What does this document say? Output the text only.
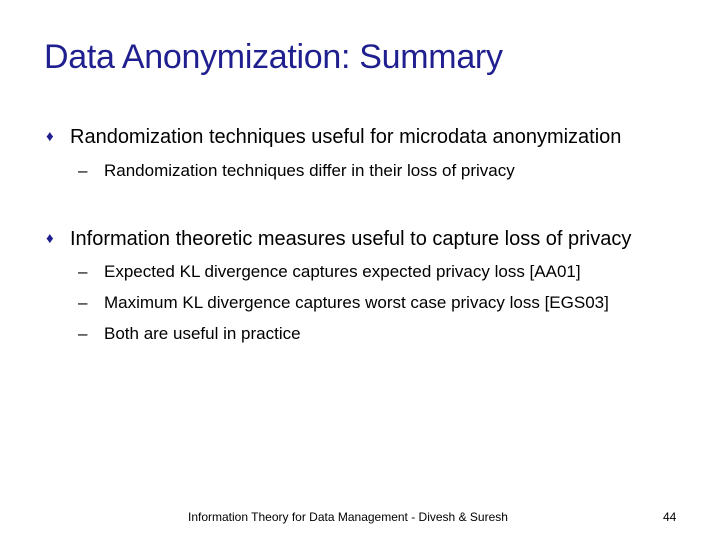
Data Anonymization: Summary
♦ Randomization techniques useful for microdata anonymization
– Randomization techniques differ in their loss of privacy
♦ Information theoretic measures useful to capture loss of privacy
– Expected KL divergence captures expected privacy loss [AA01]
– Maximum KL divergence captures worst case privacy loss [EGS03]
– Both are useful in practice
Information Theory for Data Management - Divesh & Suresh	44
